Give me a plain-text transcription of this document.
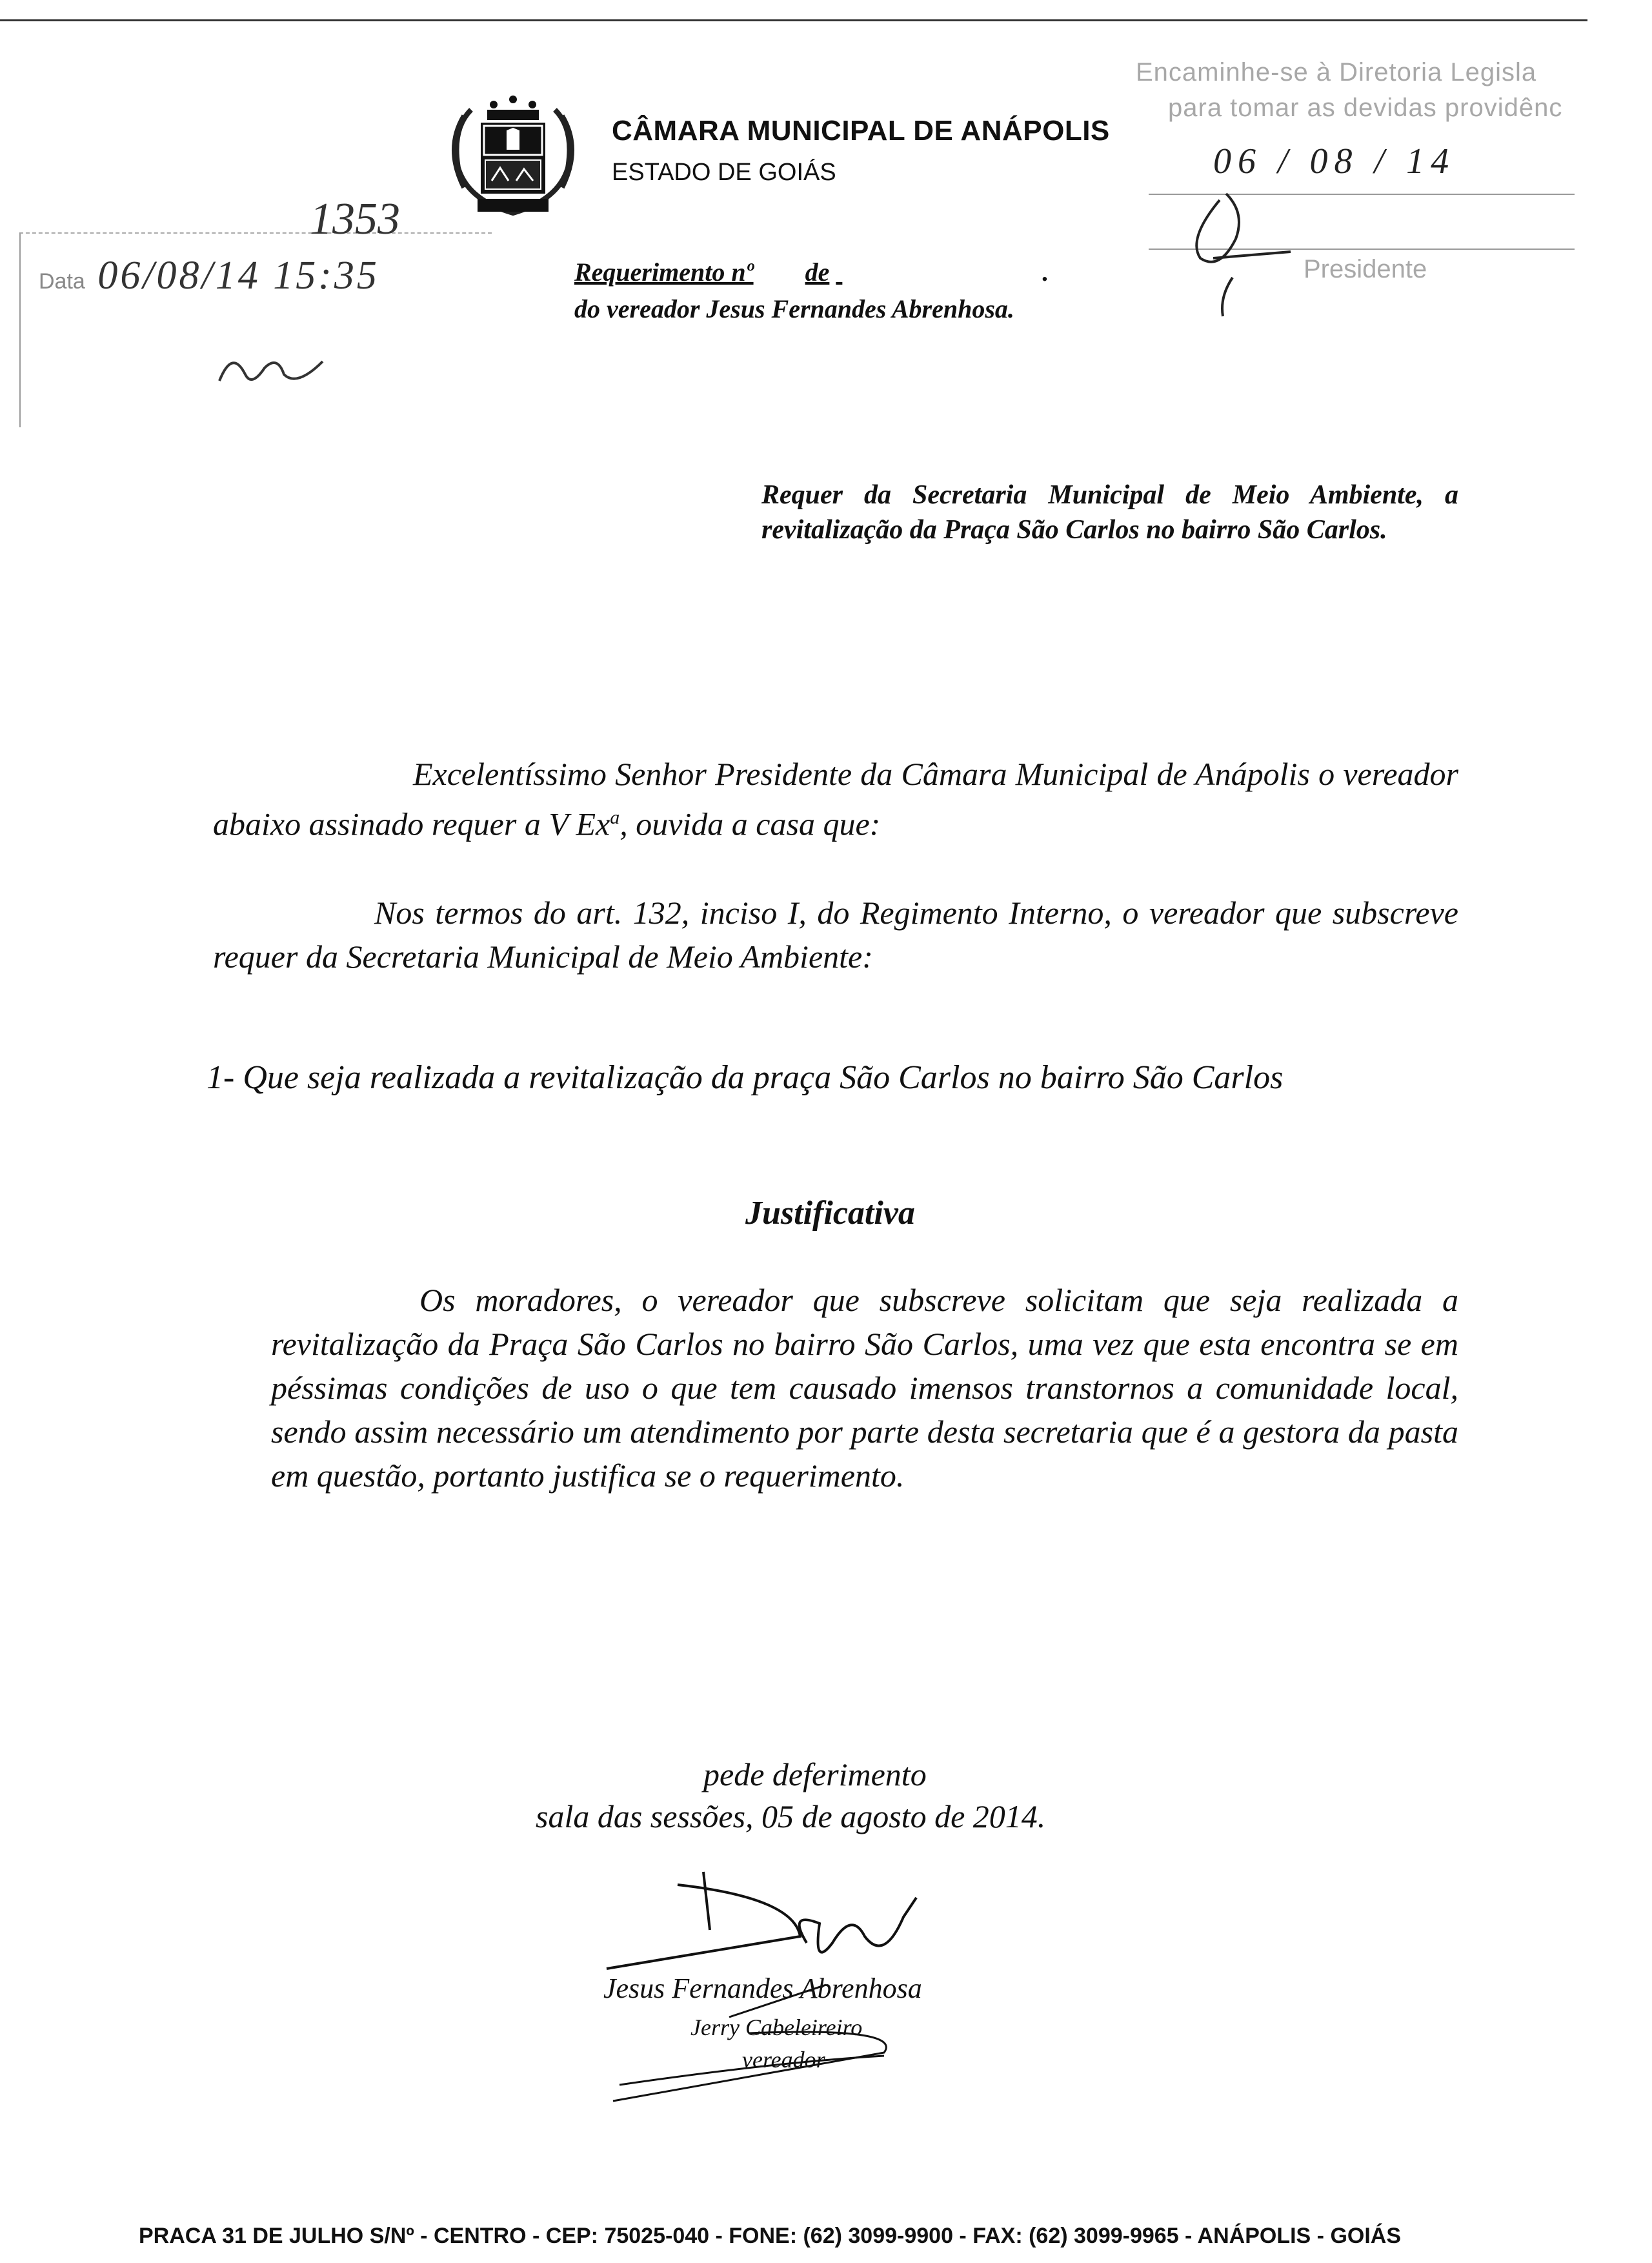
CÂMARA MUNICIPAL DE ANÁPOLIS
ESTADO DE GOIÁS
Encaminhe-se à Diretoria Legisla
para tomar as devidas providênc
06 / 08 / 14
Presidente
1353
Data 06/08/14 15:35	Requerimento nº de	.
do vereador Jesus Fernandes Abrenhosa.
Requer da Secretaria Municipal de Meio Ambiente, a revitalização da Praça São Carlos no bairro São Carlos.
Excelentíssimo Senhor Presidente da Câmara Municipal de Anápolis o vereador abaixo assinado requer a V Ex$^a$, ouvida a casa que:
Nos termos do art. 132, inciso I, do Regimento Interno, o vereador que subscreve requer da Secretaria Municipal de Meio Ambiente:
1- Que seja realizada a revitalização da praça São Carlos no bairro São Carlos
Justificativa
Os moradores, o vereador que subscreve solicitam que seja realizada a revitalização da Praça São Carlos no bairro São Carlos, uma vez que esta encontra se em péssimas condições de uso o que tem causado imensos transtornos a comunidade local, sendo assim necessário um atendimento por parte desta secretaria que é a gestora da pasta em questão, portanto justifica se o requerimento.
pede deferimento
sala das sessões, 05 de agosto de 2014.
Jesus Fernandes Abrenhosa
Jerry Cabeleireiro
vereador
PRACA 31 DE JULHO S/Nº - CENTRO - CEP: 75025-040 - FONE: (62) 3099-9900 - FAX: (62) 3099-9965 - ANÁPOLIS - GOIÁS
